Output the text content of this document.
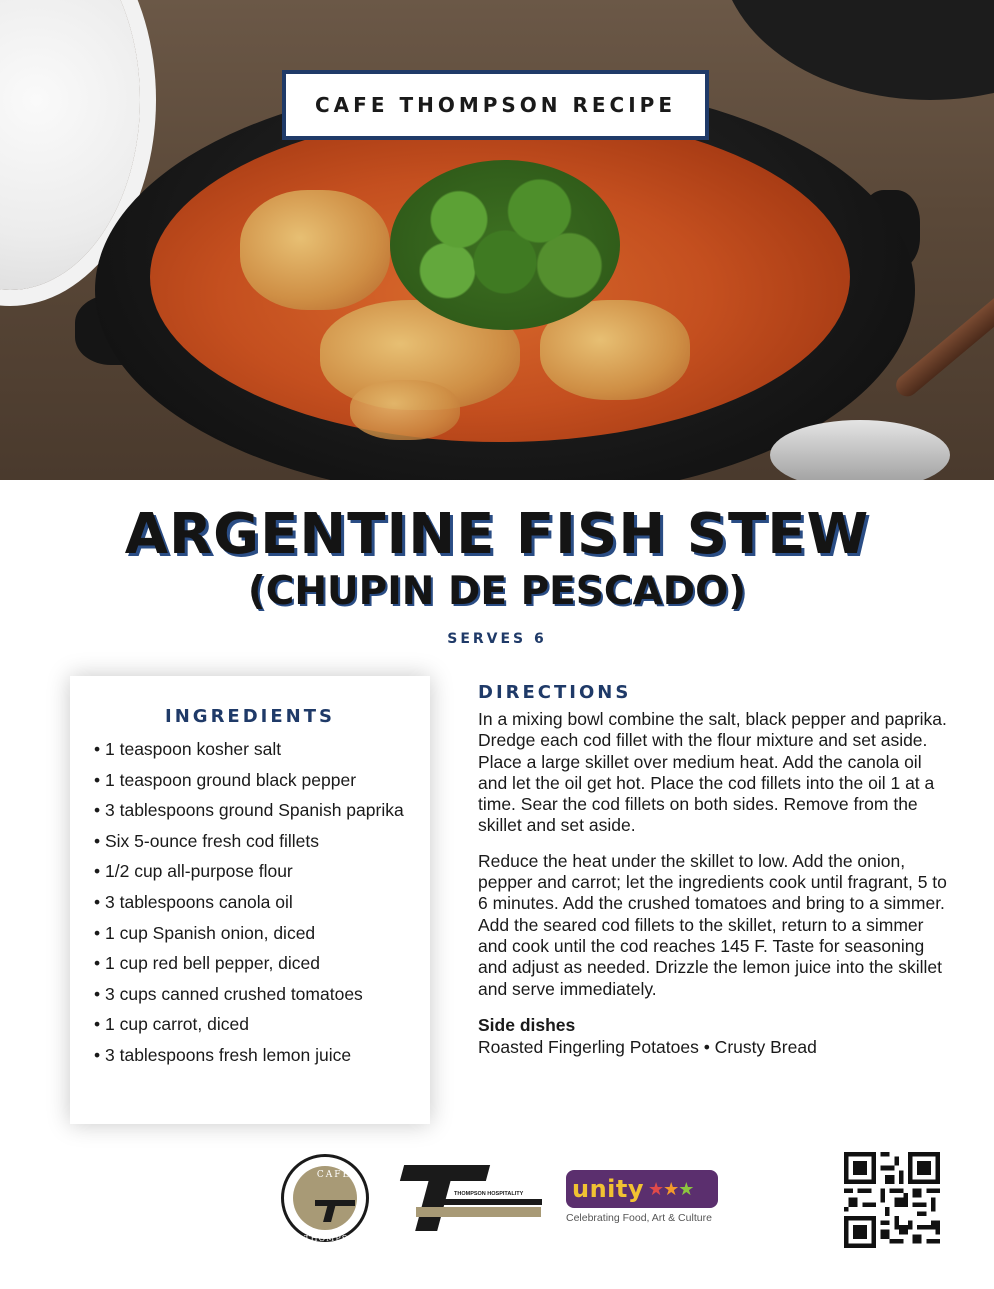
CAFE THOMPSON RECIPE
ARGENTINE FISH STEW
(CHUPIN DE PESCADO)
SERVES 6
INGREDIENTS
• 1 teaspoon kosher salt
• 1 teaspoon ground black pepper
• 3 tablespoons ground Spanish paprika
• Six 5-ounce fresh cod fillets
• 1/2 cup all-purpose flour
• 3 tablespoons canola oil
• 1 cup Spanish onion, diced
• 1 cup red bell pepper, diced
• 3 cups canned crushed tomatoes
• 1 cup carrot, diced
• 3 tablespoons fresh lemon juice
DIRECTIONS

In a mixing bowl combine the salt, black pepper and paprika. Dredge each cod fillet with the flour mixture and set aside. Place a large skillet over medium heat. Add the canola oil and let the oil get hot. Place the cod fillets into the oil 1 at a time. Sear the cod fillets on both sides. Remove from the skillet and set aside.

Reduce the heat under the skillet to low. Add the onion, pepper and carrot; let the ingredients cook until fragrant, 5 to 6 minutes. Add the crushed tomatoes and bring to a simmer. Add the seared cod fillets to the skillet, return to a simmer and cook until the cod reaches 145 F. Taste for seasoning and adjust as needed. Drizzle the lemon juice into the skillet and serve immediately.

Side dishes
Roasted Fingerling Potatoes • Crusty Bread
CAFE
THOMPSON
THOMPSON HOSPITALITY unity ★★★
Celebrating Food, Art & Culture
